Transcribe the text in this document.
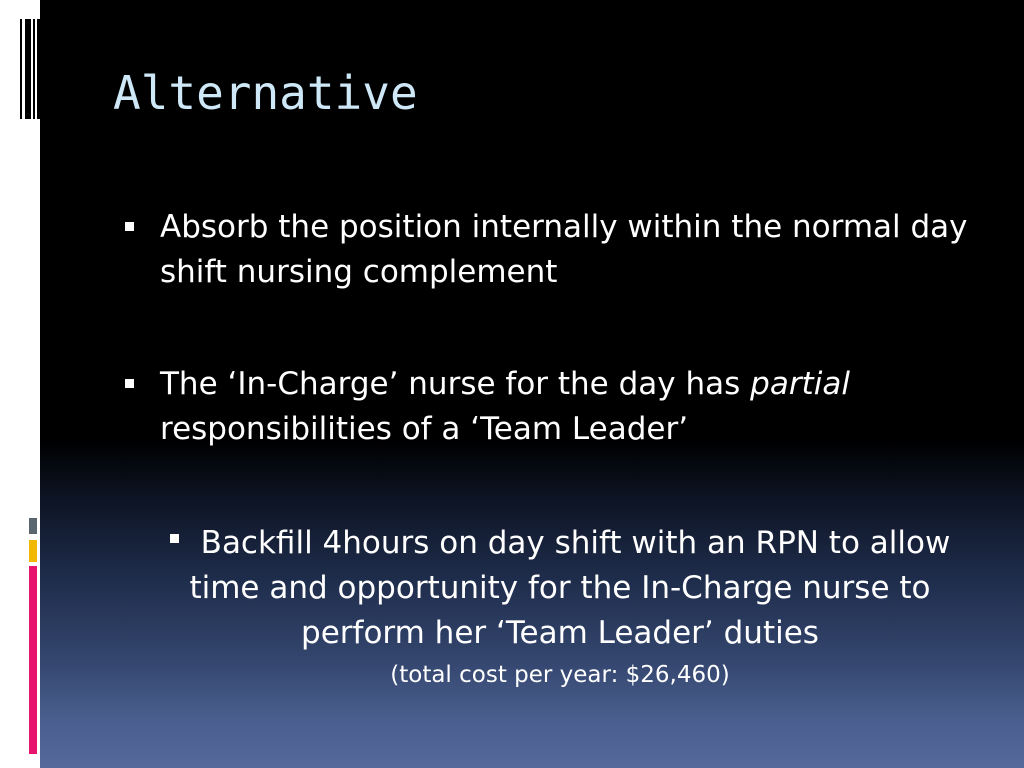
Alternative
Absorb the position internally within the normal day shift nursing complement
The ‘In-Charge’ nurse for the day has partial responsibilities of a ‘Team Leader’
Backfill 4hours on day shift with an RPN to allow time and opportunity for the In-Charge nurse to perform her ‘Team Leader’ duties
(total cost per year: $26,460)
